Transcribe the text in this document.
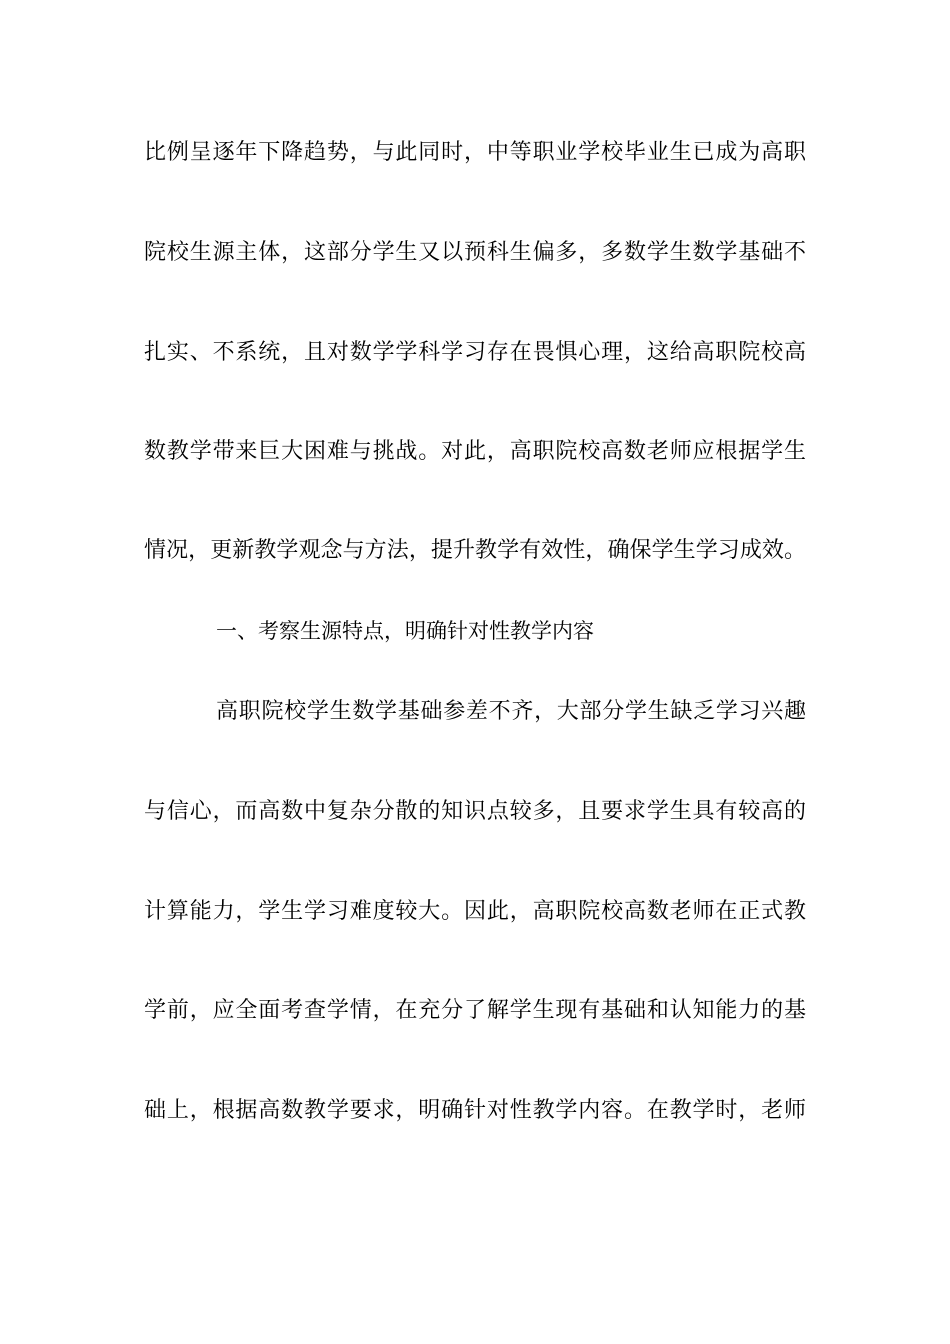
比例呈逐年下降趋势，与此同时，中等职业学校毕业生已成为高职
院校生源主体，这部分学生又以预科生偏多，多数学生数学基础不
扎实、不系统，且对数学学科学习存在畏惧心理，这给高职院校高
数教学带来巨大困难与挑战。对此，高职院校高数老师应根据学生
情况，更新教学观念与方法，提升教学有效性，确保学生学习成效。
一、考察生源特点，明确针对性教学内容
高职院校学生数学基础参差不齐，大部分学生缺乏学习兴趣
与信心，而高数中复杂分散的知识点较多，且要求学生具有较高的
计算能力，学生学习难度较大。因此，高职院校高数老师在正式教
学前，应全面考查学情，在充分了解学生现有基础和认知能力的基
础上，根据高数教学要求，明确针对性教学内容。在教学时，老师
